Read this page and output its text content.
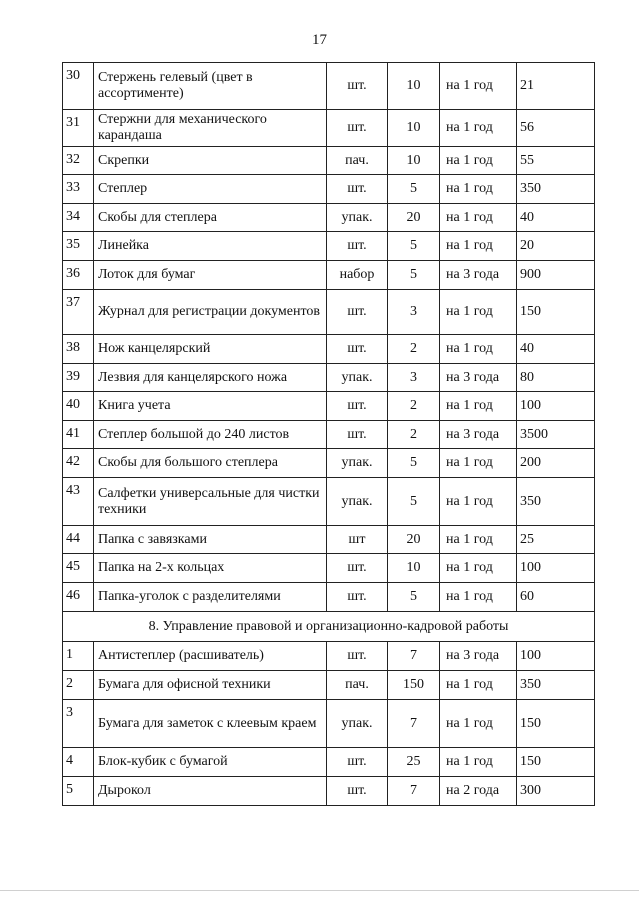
17
30	Стержень гелевый (цвет в ассортименте)	шт.	10	на 1 год	21
31	Стержни для механического карандаша	шт.	10	на 1 год	56
32	Скрепки	пач.	10	на 1 год	55
33	Степлер	шт.	5	на 1 год	350
34	Скобы для степлера	упак.	20	на 1 год	40
35	Линейка	шт.	5	на 1 год	20
36	Лоток для бумаг	набор	5	на 3 года	900
37	Журнал для регистрации документов	шт.	3	на 1 год	150
38	Нож канцелярский	шт.	2	на 1 год	40
39	Лезвия для канцелярского ножа	упак.	3	на 3 года	80
40	Книга учета	шт.	2	на 1 год	100
41	Степлер большой до 240 листов	шт.	2	на 3 года	3500
42	Скобы для большого степлера	упак.	5	на 1 год	200
43	Салфетки универсальные для чистки техники	упак.	5	на 1 год	350
44	Папка с завязками	шт	20	на 1 год	25
45	Папка на 2-х кольцах	шт.	10	на 1 год	100
46	Папка-уголок с разделителями	шт.	5	на 1 год	60
8. Управление правовой и организационно-кадровой работы					
1	Антистеплер (расшиватель)	шт.	7	на 3 года	100
2	Бумага для офисной техники	пач.	150	на 1 год	350
3	Бумага для заметок с клеевым краем	упак.	7	на 1 год	150
4	Блок-кубик с бумагой	шт.	25	на 1 год	150
5	Дырокол	шт.	7	на 2 года	300
